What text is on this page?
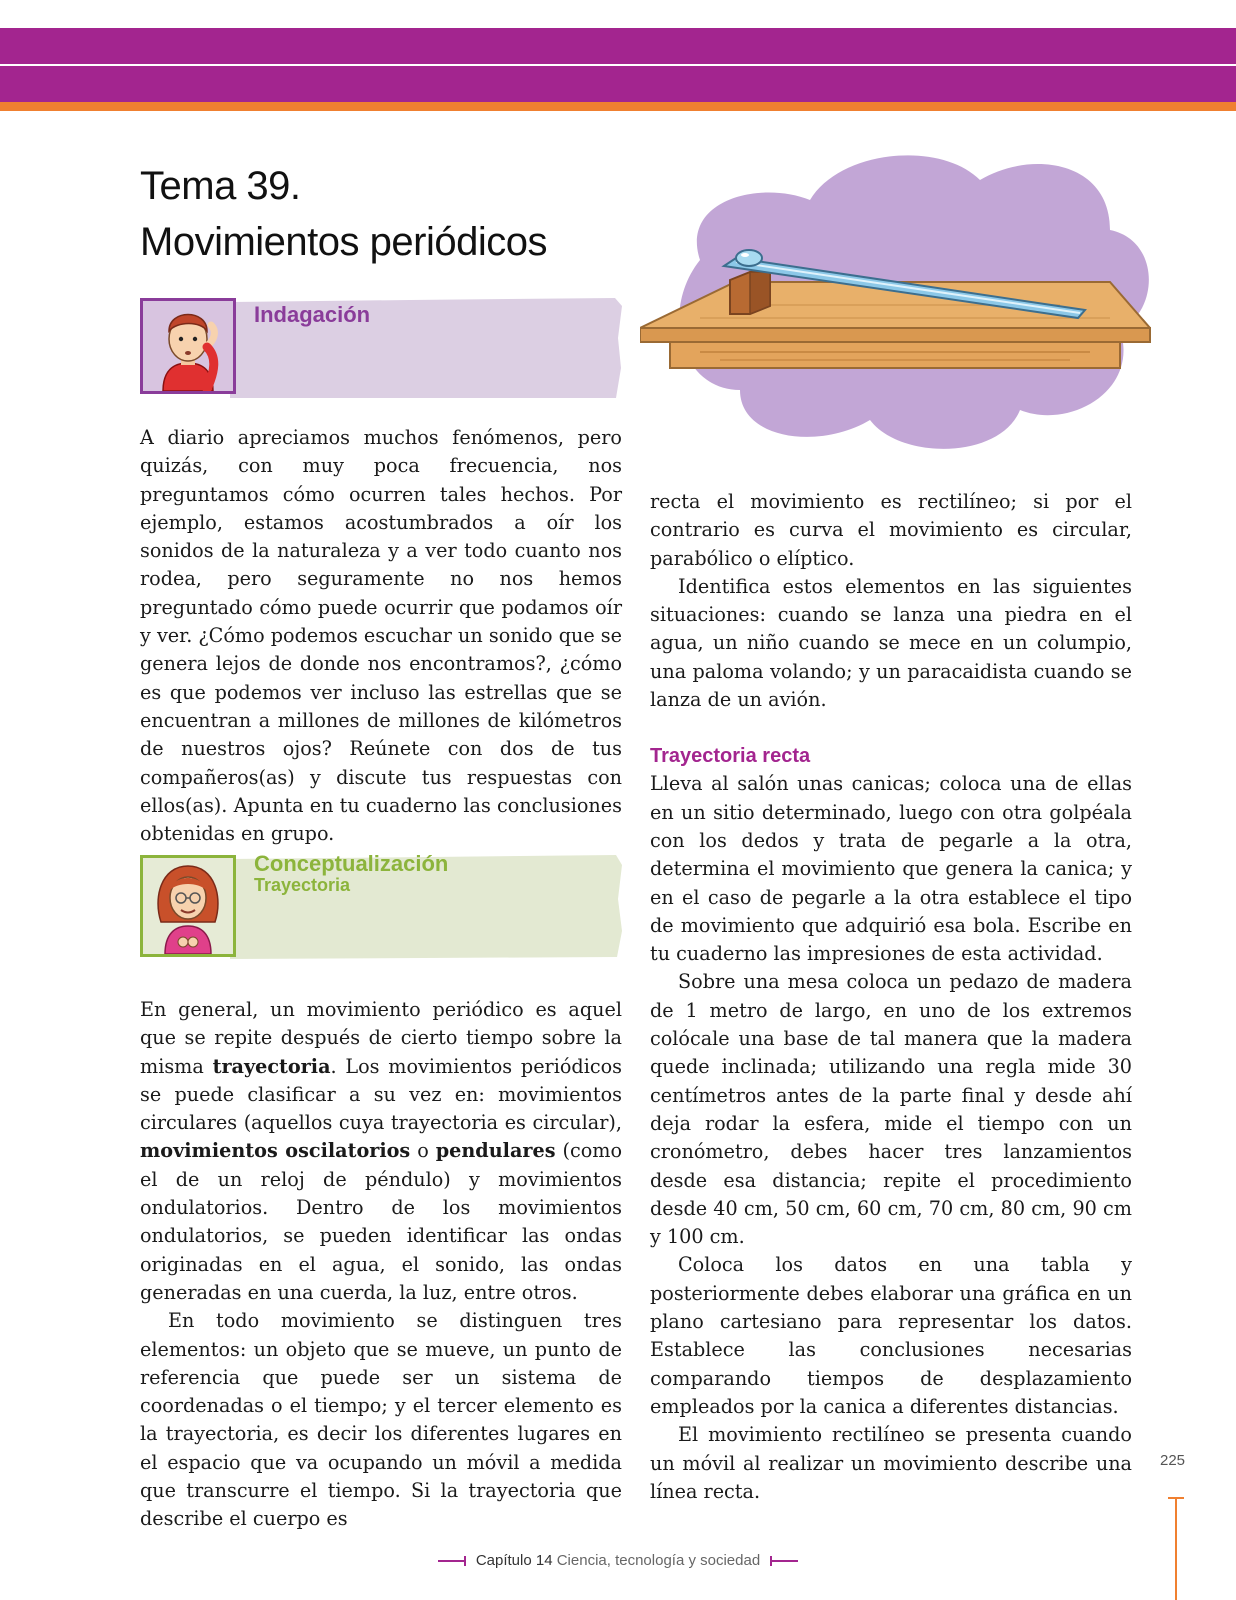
Tema 39.
Movimientos periódicos
Indagación

A diario apreciamos muchos fenómenos, pero quizás, con muy poca frecuencia, nos preguntamos cómo ocurren tales hechos. Por ejemplo, estamos acostumbrados a oír los sonidos de la naturaleza y a ver todo cuanto nos rodea, pero seguramente no nos hemos preguntado cómo puede ocurrir que podamos oír y ver. ¿Cómo podemos escuchar un sonido que se genera lejos de donde nos encontramos?, ¿cómo es que podemos ver incluso las estrellas que se encuentran a millones de millones de kilómetros de nuestros ojos? Reúnete con dos de tus compañeros(as) y discute tus respuestas con ellos(as). Apunta en tu cuaderno las conclusiones obtenidas en grupo.

Conceptualización
Trayectoria

En general, un movimiento periódico es aquel que se repite después de cierto tiempo sobre la misma trayectoria. Los movimientos periódicos se puede clasificar a su vez en: movimientos circulares (aquellos cuya trayectoria es circular), movimientos oscilatorios o pendulares (como el de un reloj de péndulo) y movimientos ondulatorios. Dentro de los movimientos ondulatorios, se pueden identificar las ondas originadas en el agua, el sonido, las ondas generadas en una cuerda, la luz, entre otros.

En todo movimiento se distinguen tres elementos: un objeto que se mueve, un punto de referencia que puede ser un sistema de coordenadas o el tiempo; y el tercer elemento es la trayectoria, es decir los diferentes lugares en el espacio que va ocupando un móvil a medida que transcurre el tiempo. Si la trayectoria que describe el cuerpo es

recta el movimiento es rectilíneo; si por el contrario es curva el movimiento es circular, parabólico o elíptico.

Identifica estos elementos en las siguientes situaciones: cuando se lanza una piedra en el agua, un niño cuando se mece en un columpio, una paloma volando; y un paracaidista cuando se lanza de un avión.

Trayectoria recta

Lleva al salón unas canicas; coloca una de ellas en un sitio determinado, luego con otra golpéala con los dedos y trata de pegarle a la otra, determina el movimiento que genera la canica; y en el caso de pegarle a la otra establece el tipo de movimiento que adquirió esa bola. Escribe en tu cuaderno las impresiones de esta actividad.

Sobre una mesa coloca un pedazo de madera de 1 metro de largo, en uno de los extremos colócale una base de tal manera que la madera quede inclinada; utilizando una regla mide 30 centímetros antes de la parte final y desde ahí deja rodar la esfera, mide el tiempo con un cronómetro, debes hacer tres lanzamientos desde esa distancia; repite el procedimiento desde 40 cm, 50 cm, 60 cm, 70 cm, 80 cm, 90 cm y 100 cm.

Coloca los datos en una tabla y posteriormente debes elaborar una gráfica en un plano cartesiano para representar los datos. Establece las conclusiones necesarias comparando tiempos de desplazamiento empleados por la canica a diferentes distancias.

El movimiento rectilíneo se presenta cuando un móvil al realizar un movimiento describe una línea recta.

225
Capítulo 14 Ciencia, tecnología y sociedad
